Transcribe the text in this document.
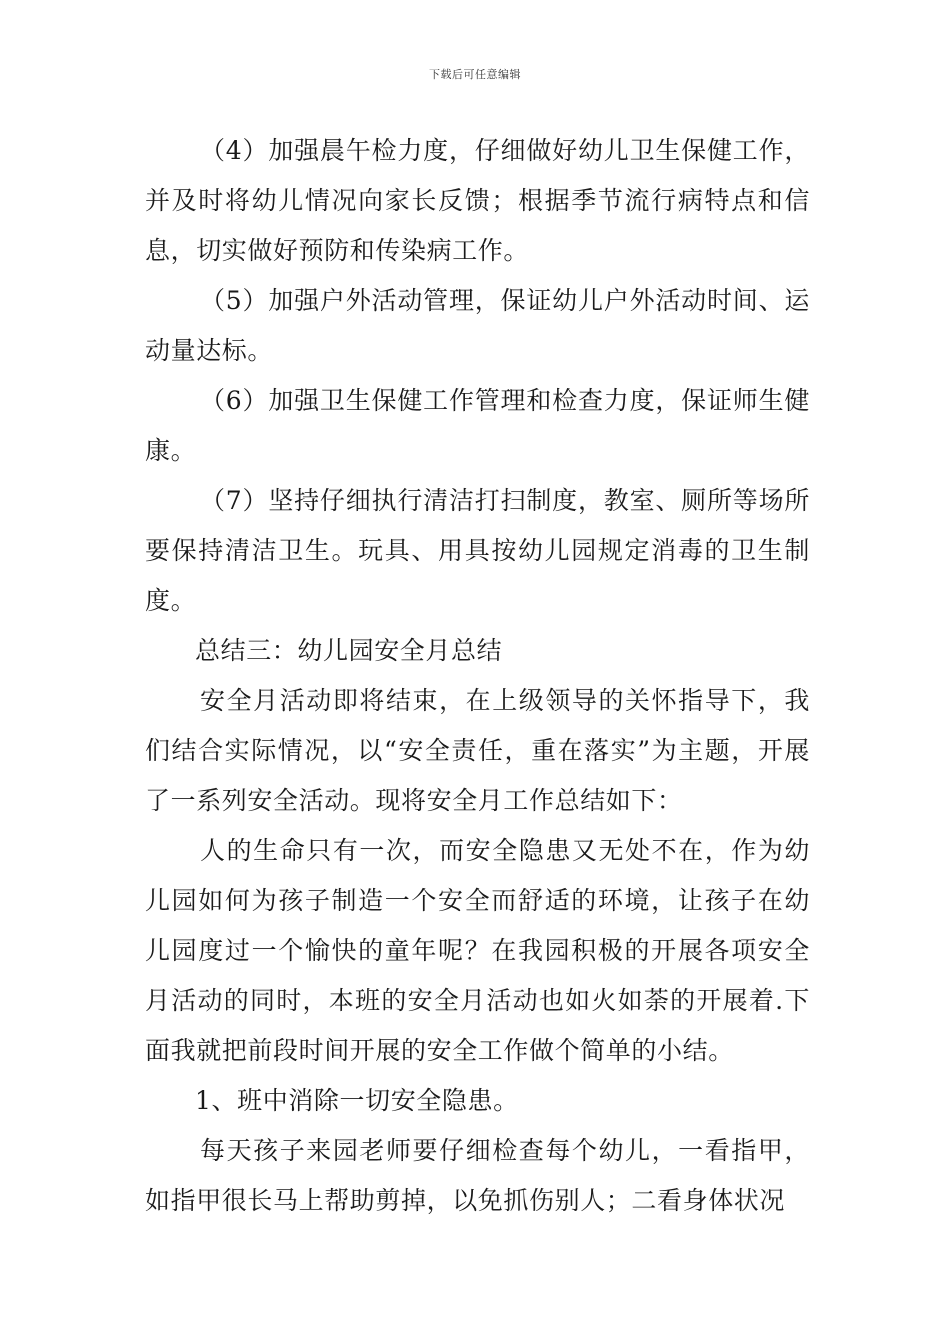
下载后可任意编辑

（4）加强晨午检力度，仔细做好幼儿卫生保健工作，并及时将幼儿情况向家长反馈；根据季节流行病特点和信息，切实做好预防和传染病工作。

（5）加强户外活动管理，保证幼儿户外活动时间、运动量达标。

（6）加强卫生保健工作管理和检查力度，保证师生健康。

（7）坚持仔细执行清洁打扫制度，教室、厕所等场所要保持清洁卫生。玩具、用具按幼儿园规定消毒的卫生制度。

总结三：幼儿园安全月总结

安全月活动即将结束，在上级领导的关怀指导下，我们结合实际情况，以“安全责任，重在落实”为主题，开展了一系列安全活动。现将安全月工作总结如下：

人的生命只有一次，而安全隐患又无处不在，作为幼儿园如何为孩子制造一个安全而舒适的环境，让孩子在幼儿园度过一个愉快的童年呢？在我园积极的开展各项安全月活动的同时，本班的安全月活动也如火如荼的开展着.下面我就把前段时间开展的安全工作做个简单的小结。

1、班中消除一切安全隐患。

每天孩子来园老师要仔细检查每个幼儿，一看指甲，如指甲很长马上帮助剪掉，以免抓伤别人；二看身体状况
